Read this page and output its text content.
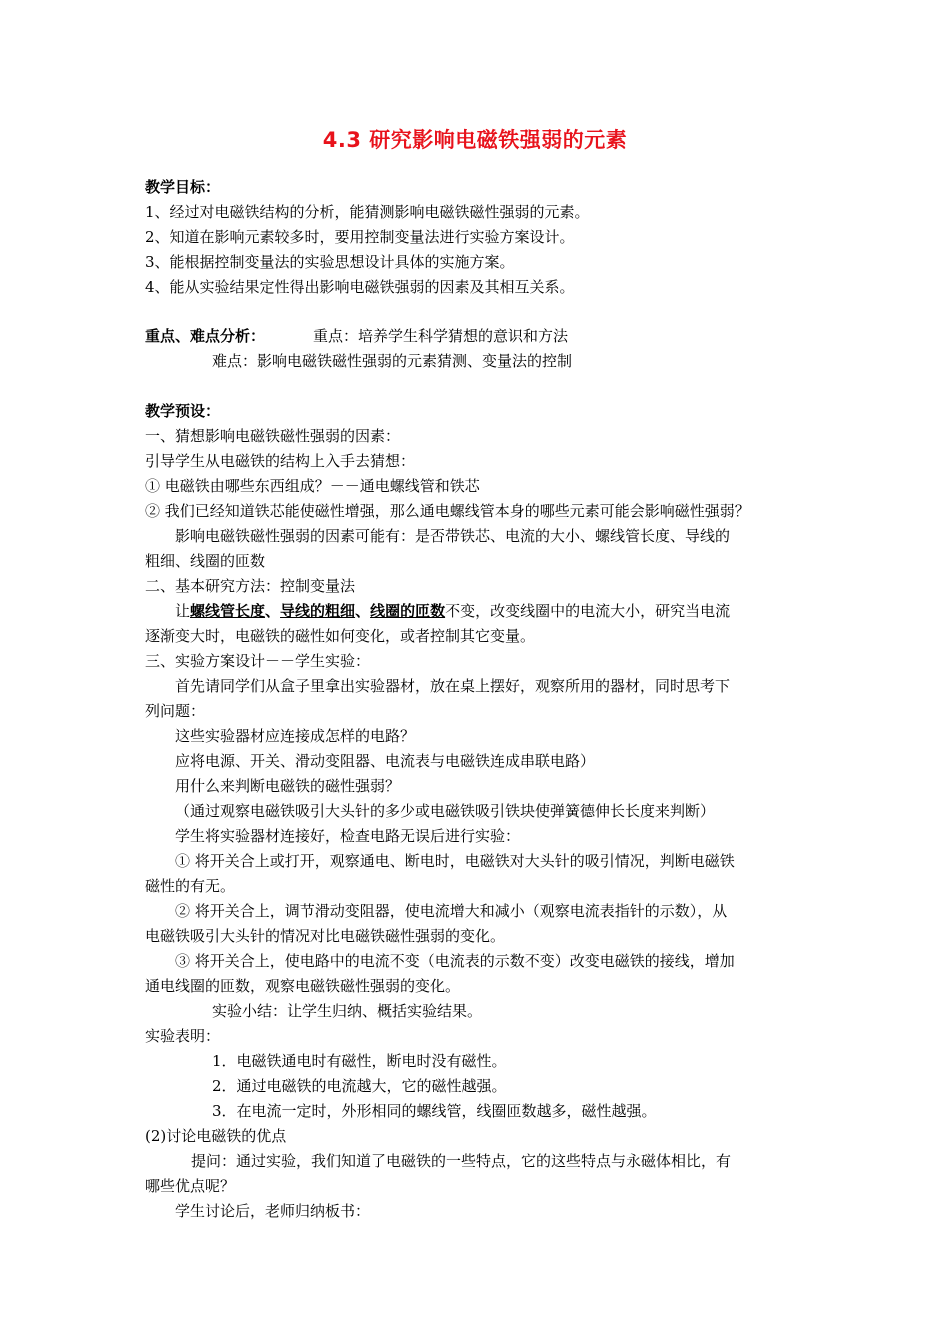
4.3 研究影响电磁铁强弱的元素
教学目标：
1、经过对电磁铁结构的分析，能猜测影响电磁铁磁性强弱的元素。
2、知道在影响元素较多时，要用控制变量法进行实验方案设计。
3、能根据控制变量法的实验思想设计具体的实施方案。
4、能从实验结果定性得出影响电磁铁强弱的因素及其相互关系。
重点、难点分析：	重点：培养学生科学猜想的意识和方法
难点：影响电磁铁磁性强弱的元素猜测、变量法的控制
教学预设：
一、猜想影响电磁铁磁性强弱的因素：
引导学生从电磁铁的结构上入手去猜想：
① 电磁铁由哪些东西组成？－－通电螺线管和铁芯
② 我们已经知道铁芯能使磁性增强，那么通电螺线管本身的哪些元素可能会影响磁性强弱？
影响电磁铁磁性强弱的因素可能有：是否带铁芯、电流的大小、螺线管长度、导线的
粗细、线圈的匝数
二、基本研究方法：控制变量法
让螺线管长度、导线的粗细、线圈的匝数不变，改变线圈中的电流大小，研究当电流
逐渐变大时，电磁铁的磁性如何变化，或者控制其它变量。
三、实验方案设计－－学生实验：
首先请同学们从盒子里拿出实验器材，放在桌上摆好，观察所用的器材，同时思考下
列问题：
这些实验器材应连接成怎样的电路？
应将电源、开关、滑动变阻器、电流表与电磁铁连成串联电路）
用什么来判断电磁铁的磁性强弱？
（通过观察电磁铁吸引大头针的多少或电磁铁吸引铁块使弹簧德伸长长度来判断）
学生将实验器材连接好，检查电路无误后进行实验：
① 将开关合上或打开，观察通电、断电时，电磁铁对大头针的吸引情况，判断电磁铁
磁性的有无。
② 将开关合上，调节滑动变阻器，使电流增大和减小（观察电流表指针的示数），从
电磁铁吸引大头针的情况对比电磁铁磁性强弱的变化。
③ 将开关合上，使电路中的电流不变（电流表的示数不变）改变电磁铁的接线，增加
通电线圈的匝数，观察电磁铁磁性强弱的变化。
实验小结：让学生归纳、概括实验结果。
实验表明：
1．电磁铁通电时有磁性，断电时没有磁性。
2．通过电磁铁的电流越大，它的磁性越强。
3．在电流一定时，外形相同的螺线管，线圈匝数越多，磁性越强。
(2)讨论电磁铁的优点
提问：通过实验，我们知道了电磁铁的一些特点，它的这些特点与永磁体相比，有
哪些优点呢？
学生讨论后，老师归纳板书：
